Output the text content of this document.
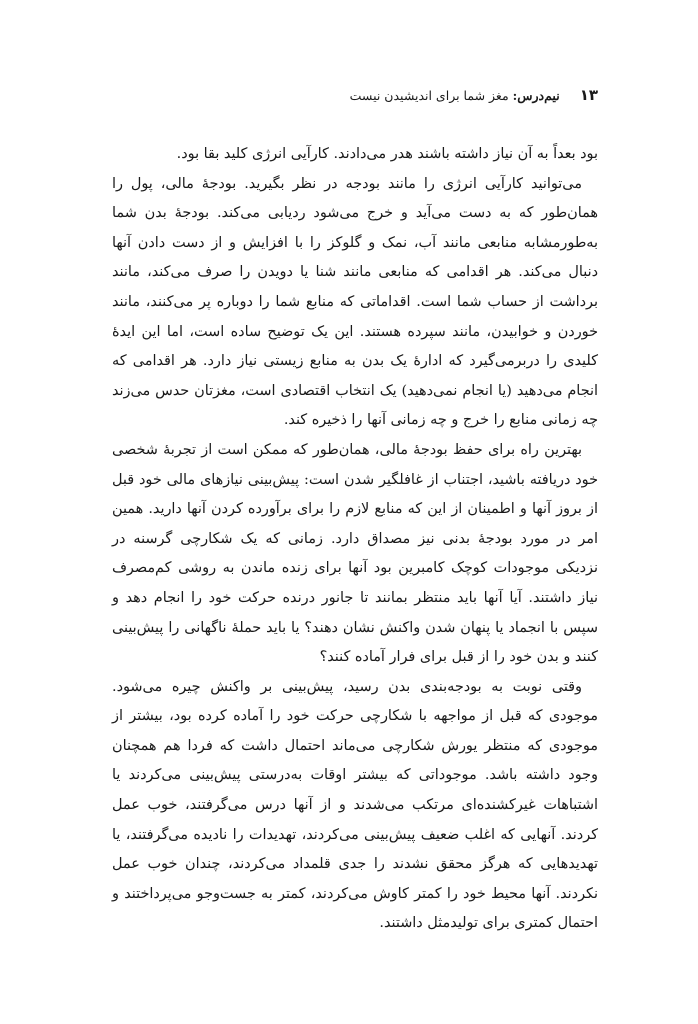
۱۳
نیم‌درس: مغز شما برای اندیشیدن نیست

بود بعداً به آن نیاز داشته باشند هدر می‌دادند. کارآیی انرژی کلید بقا بود.

می‌توانید کارآیی انرژی را مانند بودجه در نظر بگیرید. بودجهٔ مالی، پول را همان‌طور که به دست می‌آید و خرج می‌شود ردیابی می‌کند. بودجهٔ بدن شما به‌طورمشابه منابعی مانند آب، نمک و گلوکز را با افزایش و از دست دادن آنها دنبال می‌کند. هر اقدامی که منابعی مانند شنا یا دویدن را صرف می‌کند، مانند برداشت از حساب شما است. اقداماتی که منابع شما را دوباره پر می‌کنند، مانند خوردن و خوابیدن، مانند سپرده هستند. این یک توضیح ساده است، اما این ایدهٔ کلیدی را دربرمی‌گیرد که ادارهٔ یک بدن به منابع زیستی نیاز دارد. هر اقدامی که انجام می‌دهید (یا انجام نمی‌دهید) یک انتخاب اقتصادی است، مغزتان حدس می‌زند چه زمانی منابع را خرج و چه زمانی آنها را ذخیره کند.

بهترین راه برای حفظ بودجهٔ مالی، همان‌طور که ممکن است از تجربهٔ شخصی خود دریافته باشید، اجتناب از غافلگیر شدن است: پیش‌بینی نیازهای مالی خود قبل از بروز آنها و اطمینان از این که منابع لازم را برای برآورده کردن آنها دارید. همین امر در مورد بودجهٔ بدنی نیز مصداق دارد. زمانی که یک شکارچی گرسنه در نزدیکی موجودات کوچک کامبرین بود آنها برای زنده ماندن به روشی کم‌مصرف نیاز داشتند. آیا آنها باید منتظر بمانند تا جانور درنده حرکت خود را انجام دهد و سپس با انجماد یا پنهان شدن واکنش نشان دهند؟ یا باید حملهٔ ناگهانی را پیش‌بینی کنند و بدن خود را از قبل برای فرار آماده کنند؟

وقتی نوبت به بودجه‌بندی بدن رسید، پیش‌بینی بر واکنش چیره می‌شود. موجودی که قبل از مواجهه با شکارچی حرکت خود را آماده کرده بود، بیشتر از موجودی که منتظر یورش شکارچی می‌ماند احتمال داشت که فردا هم همچنان وجود داشته باشد. موجوداتی که بیشتر اوقات به‌درستی پیش‌بینی می‌کردند یا اشتباهات غیرکشنده‌ای مرتکب می‌شدند و از آنها درس می‌گرفتند، خوب عمل کردند. آنهایی که اغلب ضعیف پیش‌بینی می‌کردند، تهدیدات را نادیده می‌گرفتند، یا تهدیدهایی که هرگز محقق نشدند را جدی قلمداد می‌کردند، چندان خوب عمل نکردند. آنها محیط خود را کمتر کاوش می‌کردند، کمتر به جست‌وجو می‌پرداختند و احتمال کمتری برای تولیدمثل داشتند.
